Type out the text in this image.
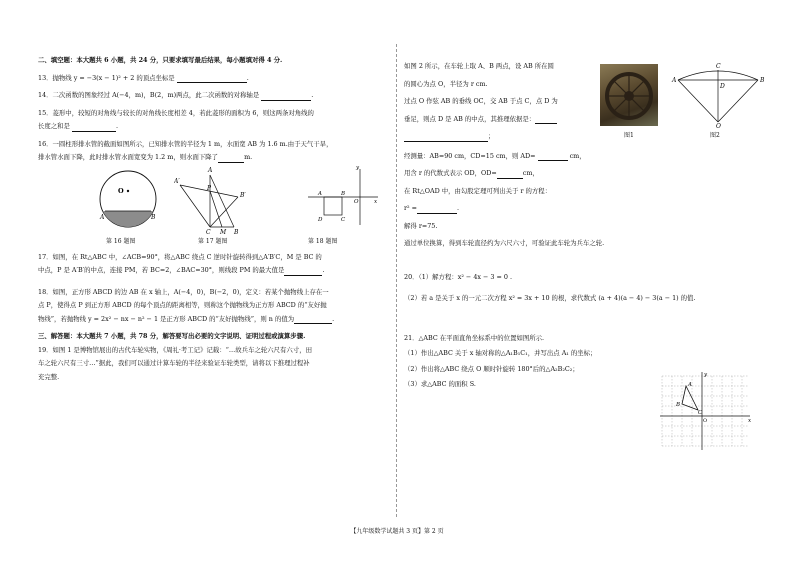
二、填空题：本大题共 6 小题，共 24 分，只要求填写最后结果，每小题填对得 4 分.

13．抛物线 y = −3(x − 1)² + 2 的顶点坐标是	.

14．二次函数的图象经过 A(−4，m)，B(2，m)两点，此二次函数的对称轴是	.

15．菱形中，较短的对角线与较长的对角线长度相差 4，若此菱形的面积为 6，则这两条对角线的

长度之和是	.

16．一圆柱形排水管的截面如图所示，已知排水管的半径为 1 m，水面宽 AB 为 1.6 m.由于天气干旱，

排水管水面下降，此时排水管水面宽变为 1.2 m，则水面下降了	m.

O
A	B
A
A′
P
B′
B
C M
y
A	B
O	x
D	C
第 16 题图	第 17 题图	第 18 题图

17．如图，在 Rt△ABC 中，∠ACB=90°，将△ABC 绕点 C 逆时针旋转得到△A′B′C，M 是 BC 的

中点，P 是 A′B′的中点，连接 PM，若 BC=2，∠BAC=30°，则线段 PM 的最大值是	.

18．如图，正方形 ABCD 的边 AB 在 x 轴上，A(−4，0)，B(−2，0)，定义：若某个抛物线上存在一

点 P，使得点 P 到正方形 ABCD 的每个顶点的距离相等，则称这个抛物线为正方形 ABCD 的“友好抛

物线”，若抛物线 y = 2x² − nx − n² − 1 是正方形 ABCD 的“友好抛物线”，则 n 的值为	.

三、解答题：本大题共 7 小题，共 78 分，解答要写出必要的文字说明、证明过程或演算步骤.

19．如图 1 是博物馆展出的古代车轮实物，《周礼·考工记》记载：“…故兵车之轮六尺有六寸，田

车之轮六尺有三寸…”据此，我们可以通过计算车轮的半径来验证车轮类型，请将以下推理过程补

充完整.

如图 2 所示，在车轮上取 A、B 两点，设 AB 所在圆

的圆心为点 O，半径为 r cm.

过点 O 作弦 AB 的垂线 OC，交 AB 于点 C，点 D 为

垂足，则点 D 是 AB 的中点，其推理依据是：

；

经测量：AB=90 cm，CD=15 cm，则 AD=	cm，

用含 r 的代数式表示 OD，OD=	cm，

在 Rt△OAD 中，由勾股定理可列出关于 r 的方程：

r² =	.

解得 r=75.

通过单位换算，得到车轮直径约为六尺六寸，可验证此车轮为兵车之轮.

20．（1）解方程：x² − 4x − 3 = 0 .

（2）若 a 是关于 x 的一元二次方程 x² = 3x + 10 的根，求代数式 (a + 4)(a − 4) − 3(a − 1) 的值.

21．△ABC 在平面直角坐标系中的位置如图所示.

（1）作出△ABC 关于 x 轴对称的△A₁B₁C₁，并写出点 A₁ 的坐标；

（2）作出将△ABC 绕点 O 顺时针旋转 180°后的△A₂B₂C₂；

（3）求△ABC 的面积 S.

图1
A	B
C
D
O
图2
y
x
O
A
B
C
【九年级数学试题共 3 页】第 2 页
